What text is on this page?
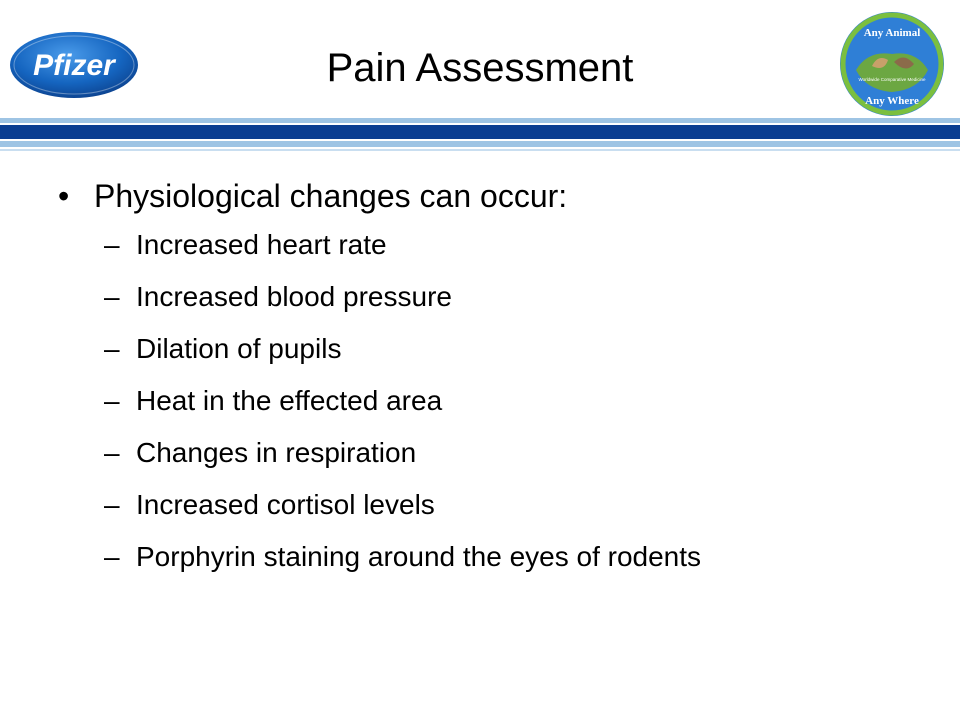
Pfizer	Pain Assessment
Any Animal
Worldwide Comparative Medicine
Any Where
• Physiological changes can occur:
– Increased heart rate
– Increased blood pressure
– Dilation of pupils
– Heat in the effected area
– Changes in respiration
– Increased cortisol levels
– Porphyrin staining around the eyes of rodents
